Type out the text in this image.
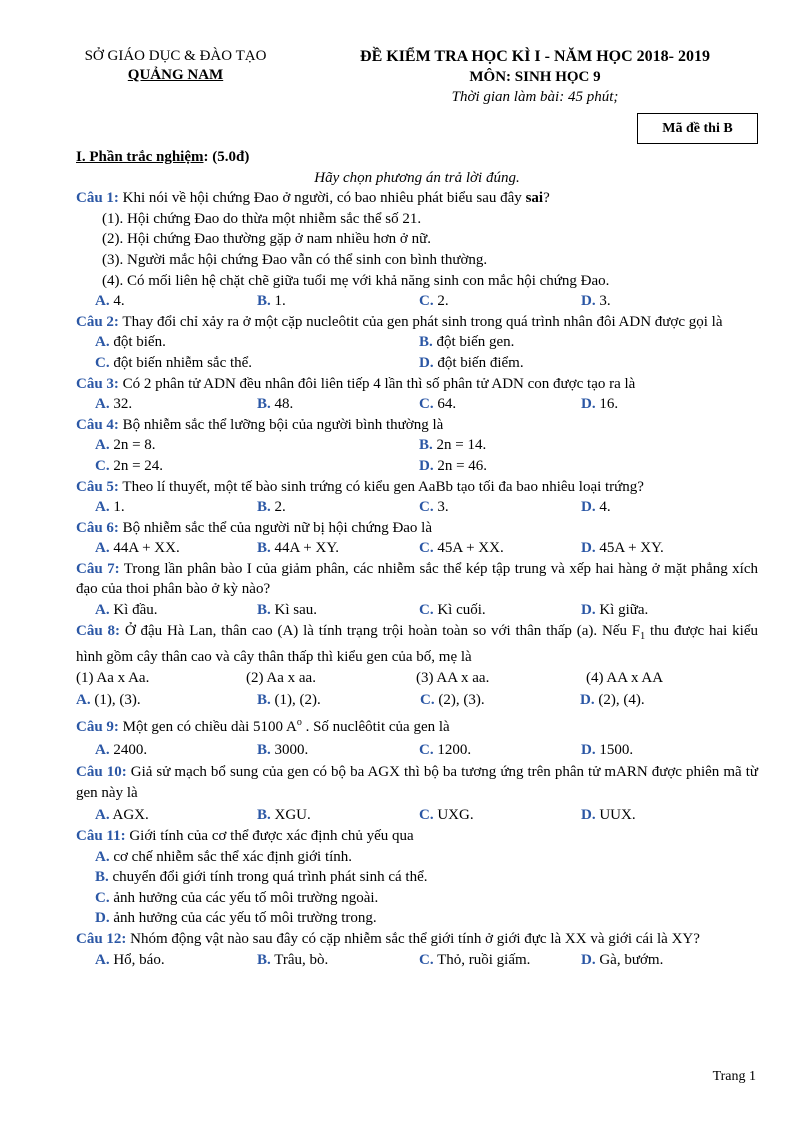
SỞ GIÁO DỤC & ĐÀO TẠO
QUẢNG NAM
ĐỀ KIỂM TRA HỌC KÌ I - NĂM HỌC 2018- 2019
MÔN: SINH HỌC 9
Thời gian làm bài: 45 phút;
Mã đề thi B
I. Phần trắc nghiệm: (5.0đ)
Hãy chọn phương án trả lời đúng.
Câu 1: Khi nói về hội chứng Đao ở người, có bao nhiêu phát biểu sau đây sai?
(1). Hội chứng Đao do thừa một nhiễm sắc thể số 21.
(2). Hội chứng Đao thường gặp ở nam nhiều hơn ở nữ.
(3). Người mắc hội chứng Đao vẫn có thể sinh con bình thường.
(4). Có mối liên hệ chặt chẽ giữa tuổi mẹ với khả năng sinh con mắc hội chứng Đao.
A. 4.	B. 1.	C. 2.	D. 3.
Câu 2: Thay đổi chỉ xảy ra ở một cặp nucleôtit của gen phát sinh trong quá trình nhân đôi ADN được gọi là
A. đột biến.	B. đột biến gen.
C. đột biến nhiễm sắc thể.	D. đột biến điểm.
Câu 3: Có 2 phân tử ADN đều nhân đôi liên tiếp 4 lần thì số phân tử ADN con được tạo ra là
A. 32.	B. 48.	C. 64.	D. 16.
Câu 4: Bộ nhiễm sắc thể lưỡng bội của người bình thường là
A. 2n = 8.	B. 2n = 14.
C. 2n = 24.	D. 2n = 46.
Câu 5: Theo lí thuyết, một tế bào sinh trứng có kiểu gen AaBb tạo tối đa bao nhiêu loại trứng?
A. 1.	B. 2.	C. 3.	D. 4.
Câu 6: Bộ nhiễm sắc thể của người nữ bị hội chứng Đao là
A. 44A + XX.	B. 44A + XY.	C. 45A + XX.	D. 45A + XY.
Câu 7: Trong lần phân bào I của giảm phân, các nhiễm sắc thể kép tập trung và xếp hai hàng ở mặt phẳng xích đạo của thoi phân bào ở kỳ nào?
A. Kì đầu.	B. Kì sau.	C. Kì cuối.	D. Kì giữa.
Câu 8: Ở đậu Hà Lan, thân cao (A) là tính trạng trội hoàn toàn so với thân thấp (a). Nếu $F_1$ thu được hai kiểu hình gồm cây thân cao và cây thân thấp thì kiểu gen của bố, mẹ là
(1) Aa x Aa.	(2) Aa x aa.	(3) AA x aa.	(4) AA x AA
A. (1), (3).	B. (1), (2).	C. (2), (3).	D. (2), (4).
Câu 9: Một gen có chiều dài 5100 $A^o$ . Số nuclêôtit của gen là
A. 2400.	B. 3000.	C. 1200.	D. 1500.
Câu 10: Giả sử mạch bổ sung của gen có bộ ba AGX thì bộ ba tương ứng trên phân tử mARN được phiên mã từ gen này là
A. AGX.	B. XGU.	C. UXG.	D. UUX.
Câu 11: Giới tính của cơ thể được xác định chủ yếu qua
A. cơ chế nhiễm sắc thể xác định giới tính.
B. chuyển đổi giới tính trong quá trình phát sinh cá thể.
C. ảnh hưởng của các yếu tố môi trường ngoài.
D. ảnh hưởng của các yếu tố môi trường trong.
Câu 12: Nhóm động vật nào sau đây có cặp nhiễm sắc thể giới tính ở giới đực là XX và giới cái là XY?
A. Hổ, báo.	B. Trâu, bò.	C. Thỏ, ruồi giấm.	D. Gà, bướm.
Trang 1
